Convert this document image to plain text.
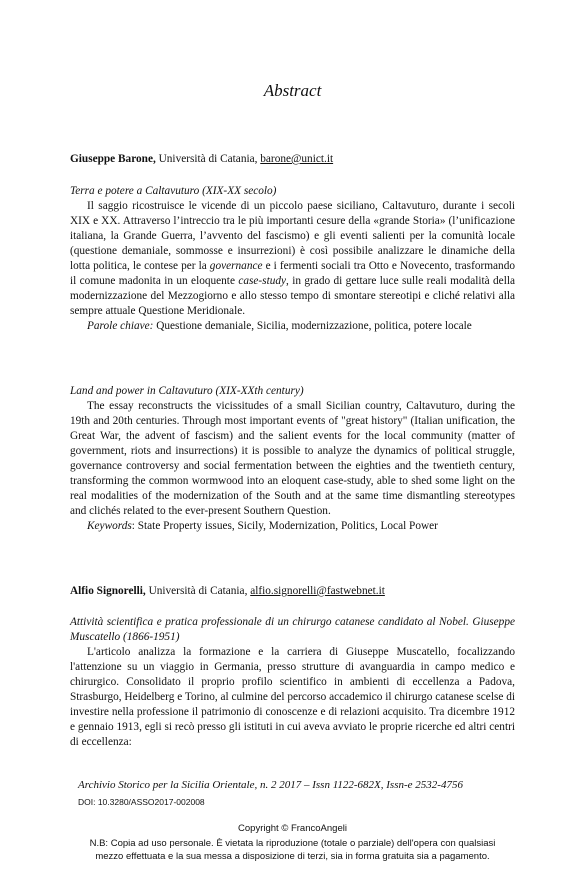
Abstract

Giuseppe Barone, Università di Catania, barone@unict.it

Terra e potere a Caltavuturo (XIX-XX secolo)

Il saggio ricostruisce le vicende di un piccolo paese siciliano, Caltavuturo, durante i secoli XIX e XX. Attraverso l’intreccio tra le più importanti cesure della «grande Storia» (l’unificazione italiana, la Grande Guerra, l’avvento del fascismo) e gli eventi salienti per la comunità locale (questione demaniale, sommosse e insurrezioni) è così possibile analizzare le dinamiche della lotta politica, le contese per la governance e i fermenti sociali tra Otto e Novecento, trasformando il comune madonita in un eloquente case-study, in grado di gettare luce sulle reali modalità della modernizzazione del Mezzogiorno e allo stesso tempo di smontare stereotipi e cliché relativi alla sempre attuale Questione Meridionale.

Parole chiave: Questione demaniale, Sicilia, modernizzazione, politica, potere locale

Land and power in Caltavuturo (XIX-XXth century)

The essay reconstructs the vicissitudes of a small Sicilian country, Caltavuturo, during the 19th and 20th centuries. Through most important events of "great history" (Italian unification, the Great War, the advent of fascism) and the salient events for the local community (matter of government, riots and insurrections) it is possible to analyze the dynamics of political struggle, governance controversy and social fermentation between the eighties and the twentieth century, transforming the common wormwood into an eloquent case-study, able to shed some light on the real modalities of the modernization of the South and at the same time dismantling stereotypes and clichés related to the ever-present Southern Question.

Keywords: State Property issues, Sicily, Modernization, Politics, Local Power

Alfio Signorelli, Università di Catania, alfio.signorelli@fastwebnet.it

Attività scientifica e pratica professionale di un chirurgo catanese candidato al Nobel. Giuseppe Muscatello (1866-1951)

L'articolo analizza la formazione e la carriera di Giuseppe Muscatello, focalizzando l'attenzione su un viaggio in Germania, presso strutture di avanguardia in campo medico e chirurgico. Consolidato il proprio profilo scientifico in ambienti di eccellenza a Padova, Strasburgo, Heidelberg e Torino, al culmine del percorso accademico il chirurgo catanese scelse di investire nella professione il patrimonio di conoscenze e di relazioni acquisito. Tra dicembre 1912 e gennaio 1913, egli si recò presso gli istituti in cui aveva avviato le proprie ricerche ed altri centri di eccellenza:

Archivio Storico per la Sicilia Orientale, n. 2 2017 – Issn 1122-682X, Issn-e 2532-4756
DOI: 10.3280/ASSO2017-002008
Copyright © FrancoAngeli
N.B: Copia ad uso personale. È vietata la riproduzione (totale o parziale) dell'opera con qualsiasi
mezzo effettuata e la sua messa a disposizione di terzi, sia in forma gratuita sia a pagamento.
